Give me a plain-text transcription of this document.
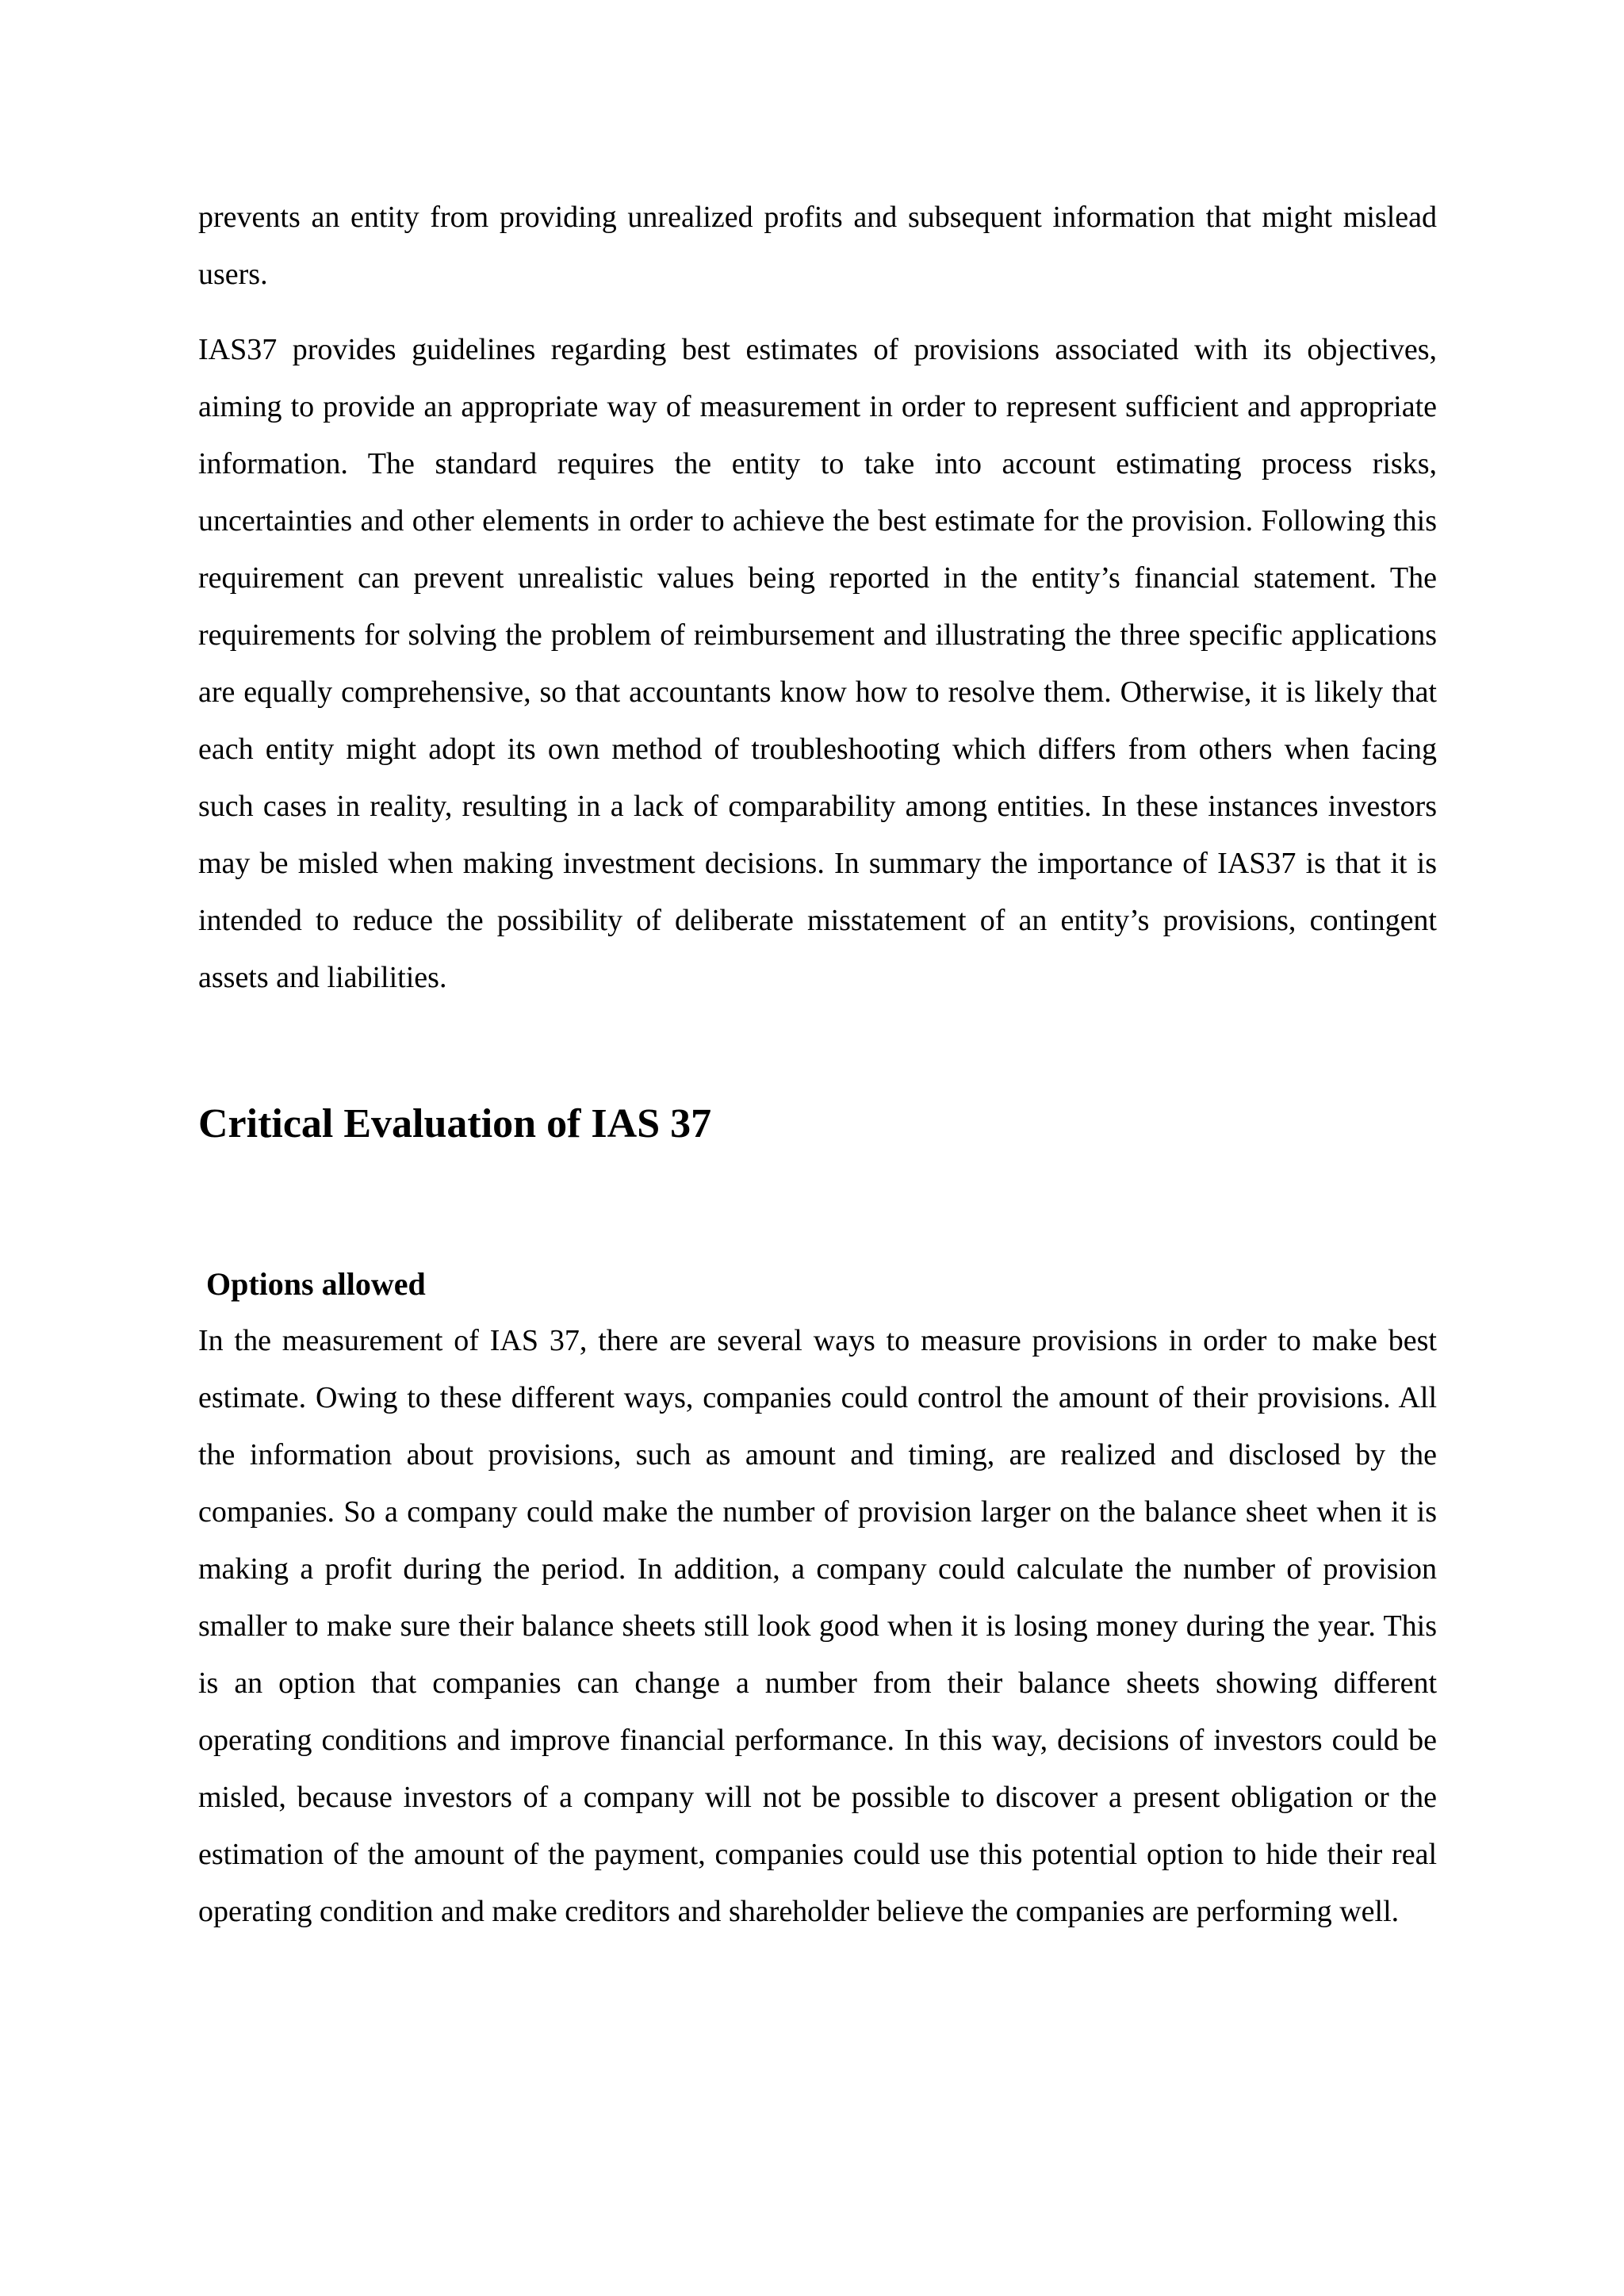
prevents an entity from providing unrealized profits and subsequent information that might mislead users.

IAS37 provides guidelines regarding best estimates of provisions associated with its objectives, aiming to provide an appropriate way of measurement in order to represent sufficient and appropriate information. The standard requires the entity to take into account estimating process risks, uncertainties and other elements in order to achieve the best estimate for the provision. Following this requirement can prevent unrealistic values being reported in the entity’s financial statement. The requirements for solving the problem of reimbursement and illustrating the three specific applications are equally comprehensive, so that accountants know how to resolve them. Otherwise, it is likely that each entity might adopt its own method of troubleshooting which differs from others when facing such cases in reality, resulting in a lack of comparability among entities. In these instances investors may be misled when making investment decisions. In summary the importance of IAS37 is that it is intended to reduce the possibility of deliberate misstatement of an entity’s provisions, contingent assets and liabilities.

Critical Evaluation of IAS 37
Options allowed

In the measurement of IAS 37, there are several ways to measure provisions in order to make best estimate. Owing to these different ways, companies could control the amount of their provisions. All the information about provisions, such as amount and timing, are realized and disclosed by the companies. So a company could make the number of provision larger on the balance sheet when it is making a profit during the period. In addition, a company could calculate the number of provision smaller to make sure their balance sheets still look good when it is losing money during the year. This is an option that companies can change a number from their balance sheets showing different operating conditions and improve financial performance. In this way, decisions of investors could be misled, because investors of a company will not be possible to discover a present obligation or the estimation of the amount of the payment, companies could use this potential option to hide their real operating condition and make creditors and shareholder believe the companies are performing well.
